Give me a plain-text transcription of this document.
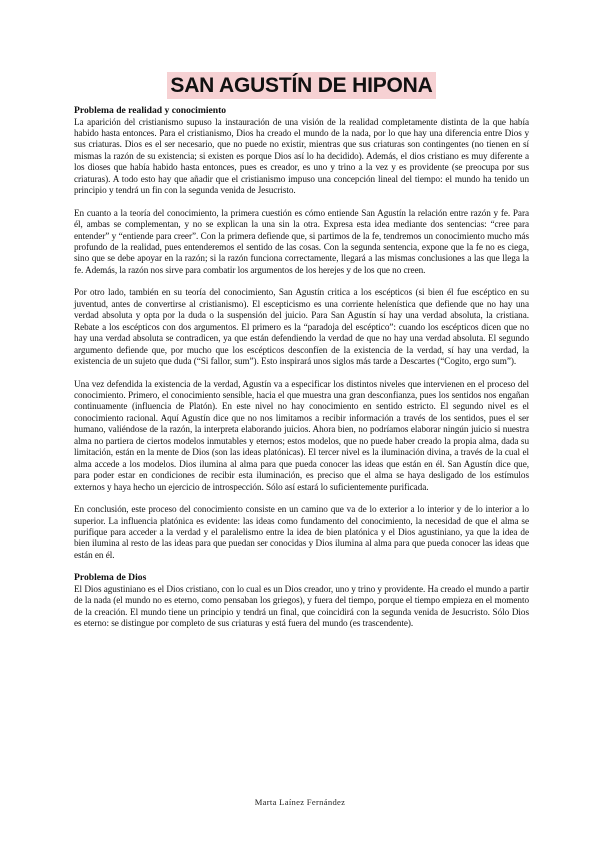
SAN AGUSTÍN DE HIPONA

Problema de realidad y conocimiento

La aparición del cristianismo supuso la instauración de una visión de la realidad completamente distinta de la que había habido hasta entonces. Para el cristianismo, Dios ha creado el mundo de la nada, por lo que hay una diferencia entre Dios y sus criaturas. Dios es el ser necesario, que no puede no existir, mientras que sus criaturas son contingentes (no tienen en sí mismas la razón de su existencia; si existen es porque Dios así lo ha decidido). Además, el dios cristiano es muy diferente a los dioses que había habido hasta entonces, pues es creador, es uno y trino a la vez y es providente (se preocupa por sus criaturas). A todo esto hay que añadir que el cristianismo impuso una concepción lineal del tiempo: el mundo ha tenido un principio y tendrá un fin con la segunda venida de Jesucristo.

En cuanto a la teoría del conocimiento, la primera cuestión es cómo entiende San Agustín la relación entre razón y fe. Para él, ambas se complementan, y no se explican la una sin la otra. Expresa esta idea mediante dos sentencias: “cree para entender” y “entiende para creer”. Con la primera defiende que, si partimos de la fe, tendremos un conocimiento mucho más profundo de la realidad, pues entenderemos el sentido de las cosas. Con la segunda sentencia, expone que la fe no es ciega, sino que se debe apoyar en la razón; si la razón funciona correctamente, llegará a las mismas conclusiones a las que llega la fe. Además, la razón nos sirve para combatir los argumentos de los herejes y de los que no creen.

Por otro lado, también en su teoría del conocimiento, San Agustín critica a los escépticos (si bien él fue escéptico en su juventud, antes de convertirse al cristianismo). El escepticismo es una corriente helenística que defiende que no hay una verdad absoluta y opta por la duda o la suspensión del juicio. Para San Agustín sí hay una verdad absoluta, la cristiana. Rebate a los escépticos con dos argumentos. El primero es la “paradoja del escéptico”: cuando los escépticos dicen que no hay una verdad absoluta se contradicen, ya que están defendiendo la verdad de que no hay una verdad absoluta. El segundo argumento defiende que, por mucho que los escépticos desconfíen de la existencia de la verdad, sí hay una verdad, la existencia de un sujeto que duda (“Si fallor, sum”). Esto inspirará unos siglos más tarde a Descartes (“Cogito, ergo sum”).

Una vez defendida la existencia de la verdad, Agustín va a especificar los distintos niveles que intervienen en el proceso del conocimiento. Primero, el conocimiento sensible, hacia el que muestra una gran desconfianza, pues los sentidos nos engañan continuamente (influencia de Platón). En este nivel no hay conocimiento en sentido estricto. El segundo nivel es el conocimiento racional. Aquí Agustín dice que no nos limitamos a recibir información a través de los sentidos, pues el ser humano, valiéndose de la razón, la interpreta elaborando juicios. Ahora bien, no podríamos elaborar ningún juicio si nuestra alma no partiera de ciertos modelos inmutables y eternos; estos modelos, que no puede haber creado la propia alma, dada su limitación, están en la mente de Dios (son las ideas platónicas). El tercer nivel es la iluminación divina, a través de la cual el alma accede a los modelos. Dios ilumina al alma para que pueda conocer las ideas que están en él. San Agustín dice que, para poder estar en condiciones de recibir esta iluminación, es preciso que el alma se haya desligado de los estímulos externos y haya hecho un ejercicio de introspección. Sólo así estará lo suficientemente purificada.

En conclusión, este proceso del conocimiento consiste en un camino que va de lo exterior a lo interior y de lo interior a lo superior. La influencia platónica es evidente: las ideas como fundamento del conocimiento, la necesidad de que el alma se purifique para acceder a la verdad y el paralelismo entre la idea de bien platónica y el Dios agustiniano, ya que la idea de bien ilumina al resto de las ideas para que puedan ser conocidas y Dios ilumina al alma para que pueda conocer las ideas que están en él.

Problema de Dios

El Dios agustiniano es el Dios cristiano, con lo cual es un Dios creador, uno y trino y providente. Ha creado el mundo a partir de la nada (el mundo no es eterno, como pensaban los griegos), y fuera del tiempo, porque el tiempo empieza en el momento de la creación. El mundo tiene un principio y tendrá un final, que coincidirá con la segunda venida de Jesucristo. Sólo Dios es eterno: se distingue por completo de sus criaturas y está fuera del mundo (es trascendente).

Marta Laínez Fernández
